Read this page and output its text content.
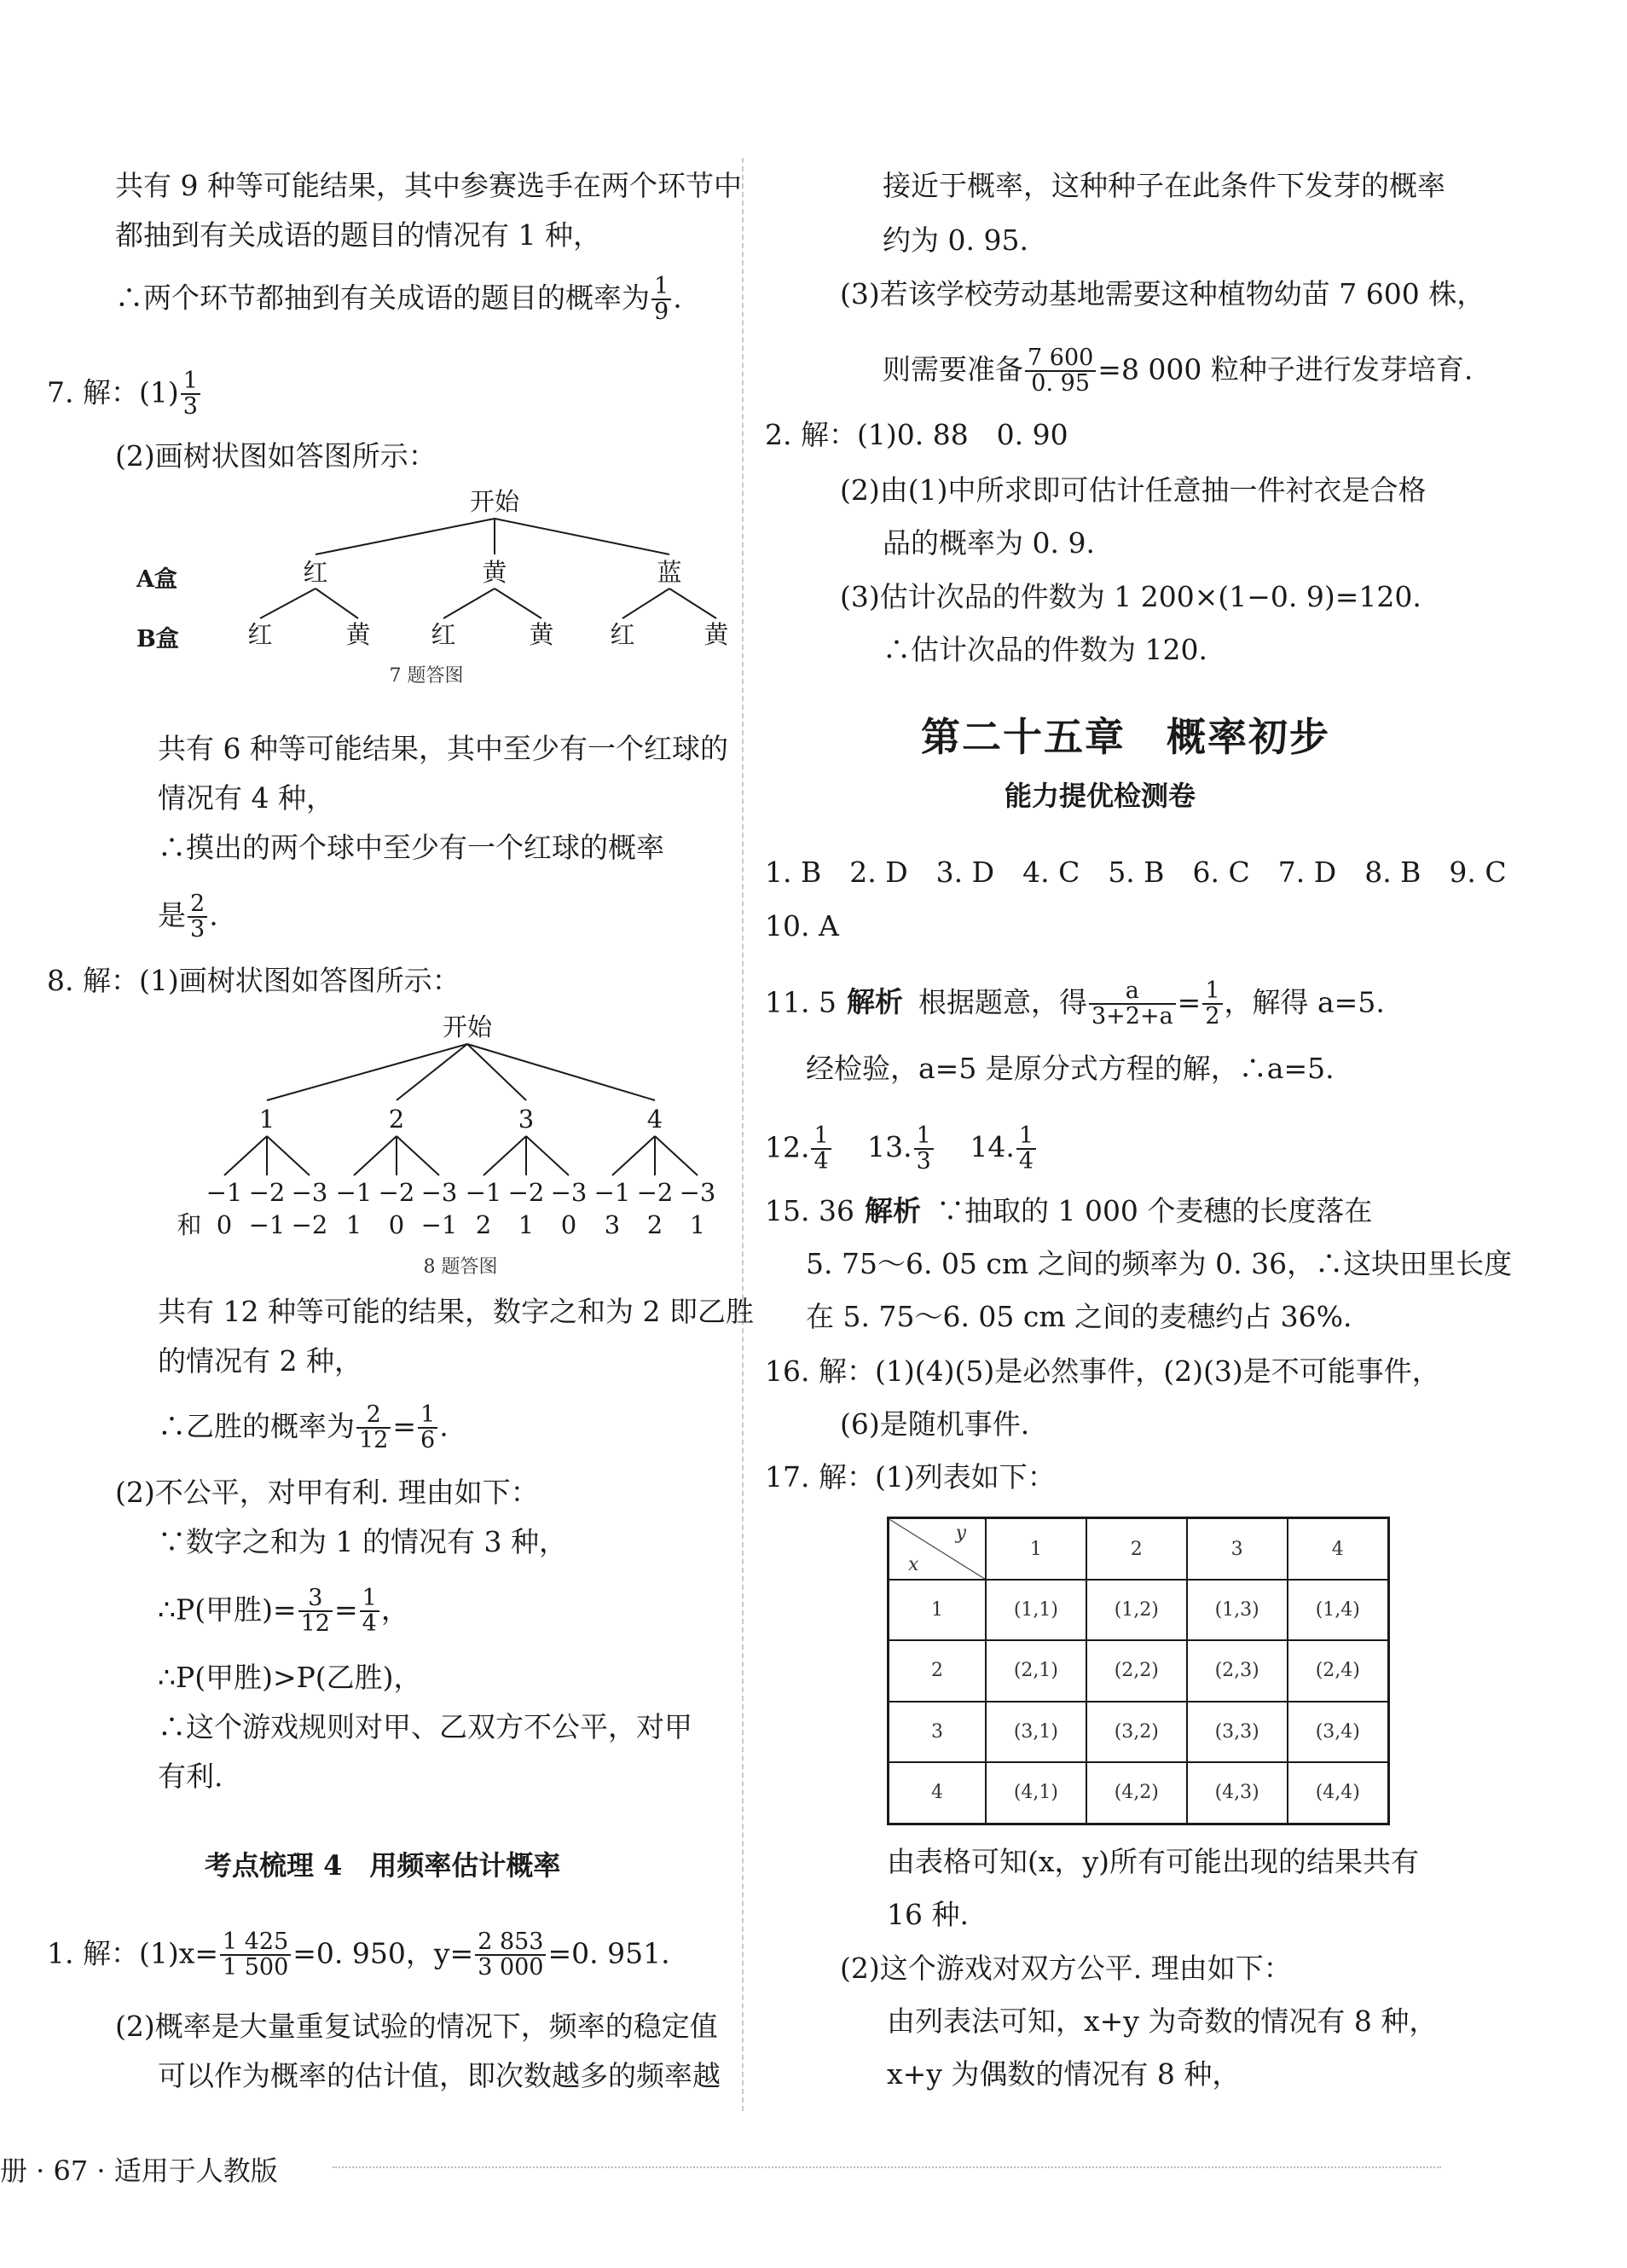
共有 9 种等可能结果，其中参赛选手在两个环节中
都抽到有关成语的题目的情况有 1 种，
∴两个环节都抽到有关成语的题目的概率为 $\frac{1}{9}$ .
7. 解：$(1) \frac{1}{3}$
(2)画树状图如答图所示：
开始
A盒
B盒
红	黄	蓝
红	黄 红	黄 红	黄
7 题答图
共有 6 种等可能结果，其中至少有一个红球的
情况有 4 种，
∴摸出的两个球中至少有一个红球的概率
是 $\frac{2}{3}$ .
8. 解：(1)画树状图如答图所示：
开始
1	2	3	4
−1 −2 −3 −1 −2 −3 −1 −2 −3 −1 −2 −3
0 −1 −2 1 0 −1 2 1 0 3 2 1
和
8 题答图
共有 12 种等可能的结果，数字之和为 2 即乙胜
的情况有 2 种，
∴乙胜的概率为 $\frac{2}{12} = \frac{1}{6}$ .
(2)不公平，对甲有利. 理由如下：
∵数字之和为 1 的情况有 3 种，
∴P(甲胜)= $\frac{3}{12} = \frac{1}{4}$ ，
∴P(甲胜)>P(乙胜)，
∴这个游戏规则对甲、乙双方不公平，对甲
有利.
考点梳理 4　用频率估计概率
1. 解：$(1)x= \frac{1 425}{1 500} =0$. 950，$y= \frac{2 853}{3 000} =0$. 951.
(2)概率是大量重复试验的情况下，频率的稳定值
可以作为概率的估计值，即次数越多的频率越
接近于概率，这种种子在此条件下发芽的概率
约为 0. 95.
(3)若该学校劳动基地需要这种植物幼苗 7 600 株，
则需要准备 $\frac{7 600}{0. 95} =8$ 000 粒种子进行发芽培育.
2. 解：(1)0. 88　0. 90
(2)由(1)中所求即可估计任意抽一件衬衣是合格
品的概率为 0. 9.
(3)估计次品的件数为 1 200×(1−0. 9)=120.
∴估计次品的件数为 120.
第二十五章　概率初步
能力提优检测卷
1. B　2. D　3. D　4. C　5. B　6. C　7. D　8. B　9. C
10. A
11. 5 解析 根据题意，得 $\frac{a}{3+2+a} = \frac{1}{2}$ ，解得 a=5.
经检验，a=5 是原分式方程的解，∴a=5.
12. $\frac{1}{4} 13$. $\frac{1}{3} 14$. $\frac{1}{4}$
15. 36 解析 ∵抽取的 1 000 个麦穗的长度落在
5. 75～6. 05 cm 之间的频率为 0. 36，∴这块田里长度
在 5. 75～6. 05 cm 之间的麦穗约占 36%.
16. 解：(1)(4)(5)是必然事件，(2)(3)是不可能事件，
(6)是随机事件.
17. 解：(1)列表如下：
y
x	1	2	3	4
1	(1,1)	(1,2)	(1,3)	(1,4)
2	(2,1)	(2,2)	(2,3)	(2,4)
3	(3,1)	(3,2)	(3,3)	(3,4)
4	(4,1)	(4,2)	(4,3)	(4,4)
由表格可知(x，y)所有可能出现的结果共有
16 种.
(2)这个游戏对双方公平. 理由如下：
由列表法可知，x+y 为奇数的情况有 8 种，
x+y 为偶数的情况有 8 种，
册 · 67 · 适用于人教版
